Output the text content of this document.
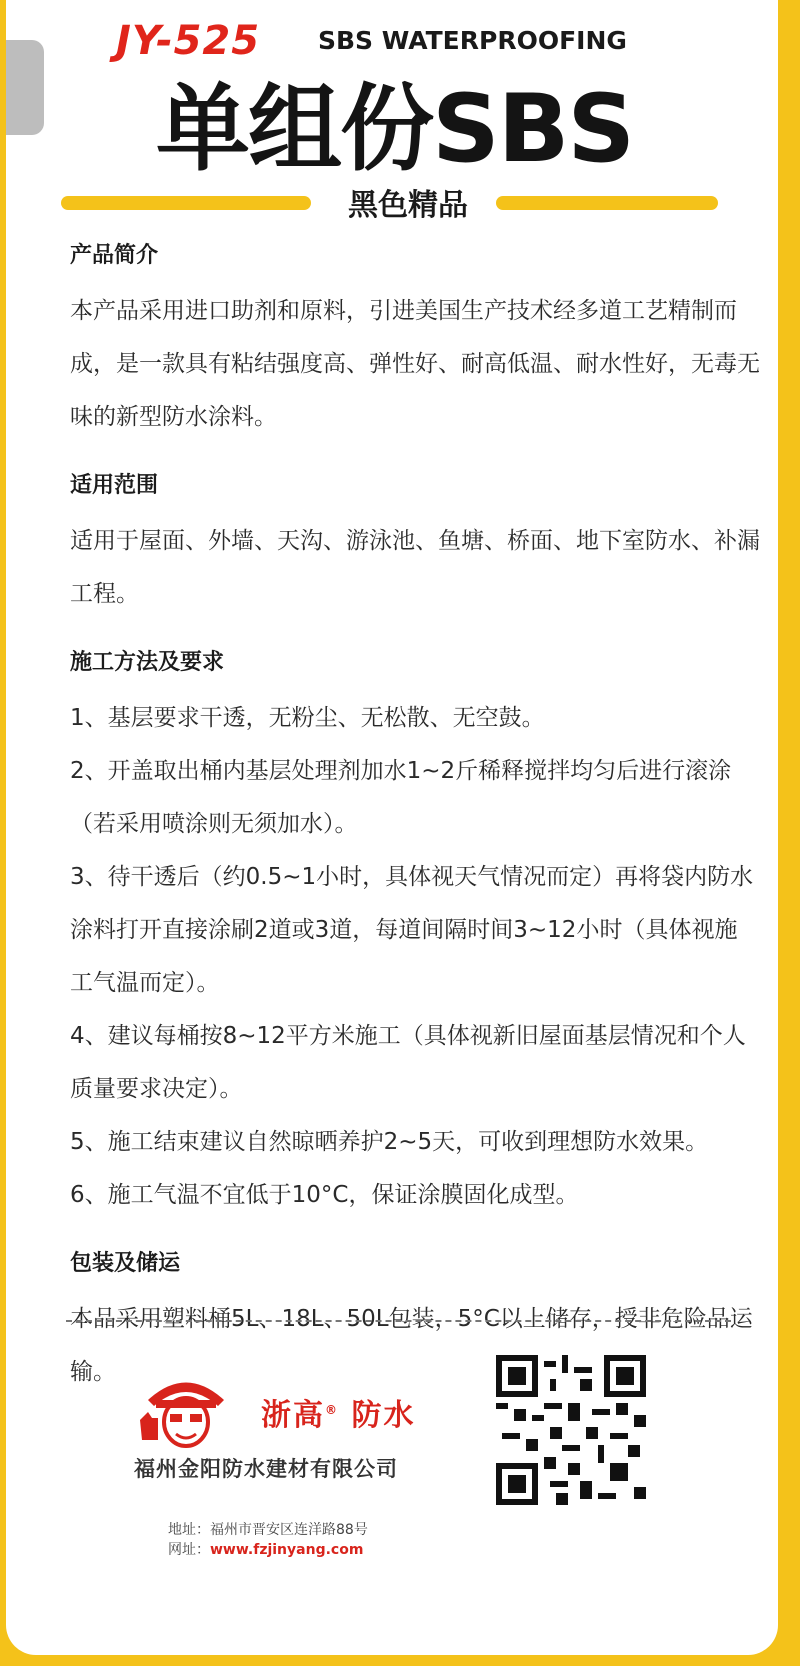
JY-525 SBS WATERPROOFING
单组份SBS
黑色精品
产品简介
本产品采用进口助剂和原料，引进美国生产技术经多道工艺精制而成，是一款具有粘结强度高、弹性好、耐高低温、耐水性好，无毒无味的新型防水涂料。
适用范围
适用于屋面、外墙、天沟、游泳池、鱼塘、桥面、地下室防水、补漏工程。
施工方法及要求
1、基层要求干透，无粉尘、无松散、无空鼓。
2、开盖取出桶内基层处理剂加水1~2斤稀释搅拌均匀后进行滚涂（若采用喷涂则无须加水）。
3、待干透后（约0.5~1小时，具体视天气情况而定）再将袋内防水涂料打开直接涂刷2道或3道，每道间隔时间3~12小时（具体视施工气温而定）。
4、建议每桶按8~12平方米施工（具体视新旧屋面基层情况和个人质量要求决定）。
5、施工结束建议自然晾晒养护2~5天，可收到理想防水效果。
6、施工气温不宜低于10°C，保证涂膜固化成型。
包装及储运
本品采用塑料桶5L、18L、50L包装，5°C以上储存，授非危险品运输。
浙高® 防水
福州金阳防水建材有限公司
地址：福州市晋安区连洋路88号
网址：www.fzjinyang.com
